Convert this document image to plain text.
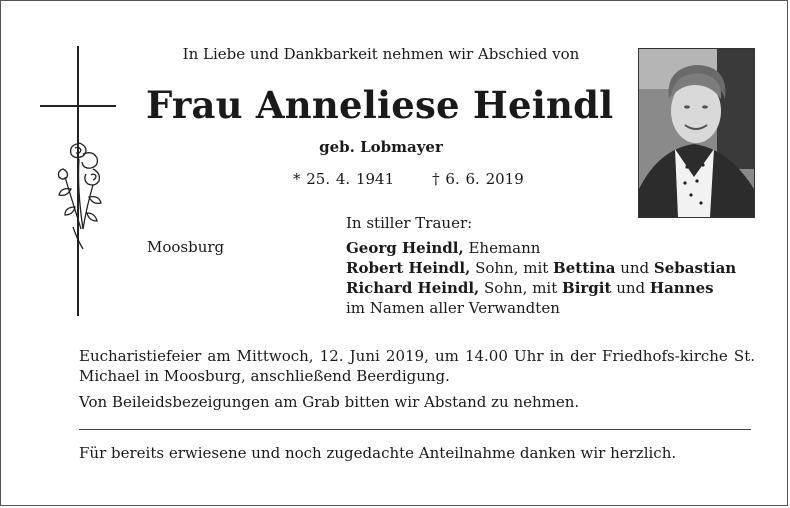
In Liebe und Dankbarkeit nehmen wir Abschied von
Frau Anneliese Heindl
geb. Lobmayer
* 25. 4. 1941	† 6. 6. 2019
In stiller Trauer:
Moosburg	Georg Heindl, Ehemann
Robert Heindl, Sohn, mit Bettina und Sebastian
Richard Heindl, Sohn, mit Birgit und Hannes
im Namen aller Verwandten
Eucharistiefeier am Mittwoch, 12. Juni 2019, um 14.00 Uhr in der Friedhofs-kirche St. Michael in Moosburg, anschließend Beerdigung.
Von Beileidsbezeigungen am Grab bitten wir Abstand zu nehmen.
Für bereits erwiesene und noch zugedachte Anteilnahme danken wir herzlich.
